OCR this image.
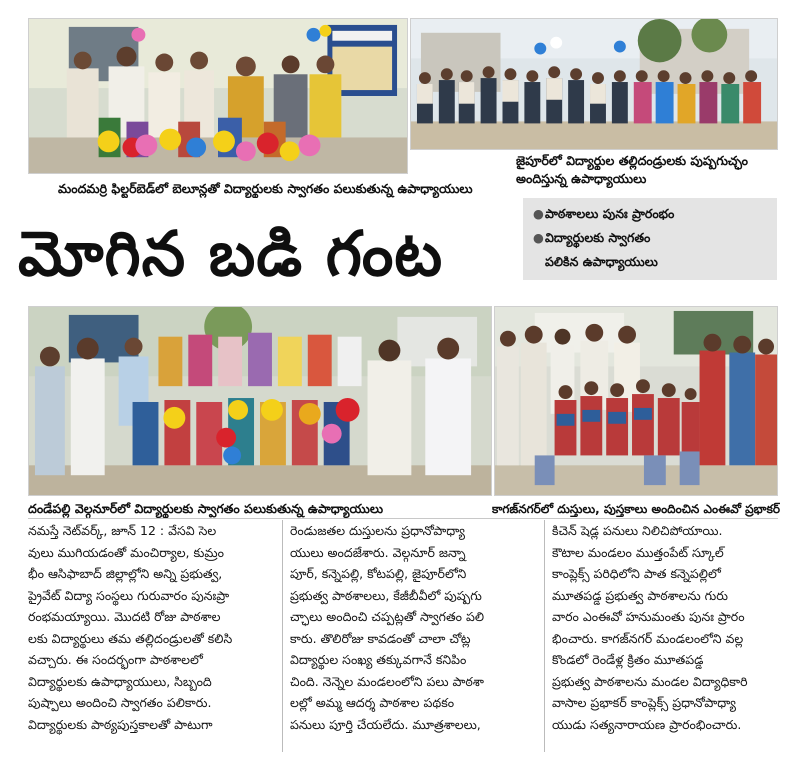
మందమర్రి ఫిల్టర్‌బెడ్‌లో బెలూన్లతో విద్యార్థులకు స్వాగతం పలుకుతున్న ఉపాధ్యాయులు
జైపూర్‌లో విద్యార్థుల తల్లిదండ్రులకు పుష్పగుచ్ఛం
అందిస్తున్న ఉపాధ్యాయులు
మోగిన బడి గంట
●పాఠశాలలు పునః ప్రారంభం
●విద్యార్థులకు స్వాగతం
పలికిన ఉపాధ్యాయులు
దండేపల్లి వెల్గనూర్‌లో విద్యార్థులకు స్వాగతం పలుకుతున్న ఉపాధ్యాయులు	కాగజ్‌నగర్‌లో దుస్తులు, పుస్తకాలు అందించిన ఎంఈవో ప్రభాకర్

నమస్తే నెట్‌వర్క్, జూన్ 12 : వేసవి సెల

వులు ముగియడంతో మంచిర్యాల, కుమ్రం

భీం ఆసిఫాబాద్ జిల్లాల్లోని అన్ని ప్రభుత్వ,

ప్రైవేట్ విద్యా సంస్థలు గురువారం పునఃప్రా

రంభమయ్యాయి. మొదటి రోజు పాఠశాల

లకు విద్యార్థులు తమ తల్లిదండ్రులతో కలిసి

వచ్చారు. ఈ సందర్భంగా పాఠశాలలో

విద్యార్థులకు ఉపాధ్యాయులు, సిబ్బంది

పుష్పాలు అందించి స్వాగతం పలికారు.

విద్యార్థులకు పాఠ్యపుస్తకాలతో పాటుగా

రెండుజతల దుస్తులను ప్రధానోపాధ్యా

యులు అందజేశారు. వెల్గనూర్ జన్నా

పూర్, కన్నెపల్లి, కోటపల్లి, జైపూర్‌లోని

ప్రభుత్వ పాఠశాలలు, కేజీబీవీలో పుష్పగు

చ్ఛాలు అందించి చప్పట్లతో స్వాగతం పలి

కారు. తొలిరోజు కావడంతో చాలా చోట్ల

విద్యార్థుల సంఖ్య తక్కువగానే కనిపిం

చింది. నెన్నెల మండలంలోని పలు పాఠశా

లల్లో అమ్మ ఆదర్శ పాఠశాల పథకం

పనులు పూర్తి చేయలేదు. మూత్రశాలలు,

కిచెన్ షెడ్ల పనులు నిలిచిపోయాయి.

కౌటాల మండలం ముత్తంపేట్ స్కూల్

కాంప్లెక్స్ పరిధిలోని పాత కన్నెపల్లిలో

మూతపడ్డ ప్రభుత్వ పాఠశాలను గురు

వారం ఎంఈవో హనుమంతు పునః ప్రారం

భించారు. కాగజ్‌నగర్ మండలంలోని వల్ల

కొండలో రెండేళ్ల క్రితం మూతపడ్డ

ప్రభుత్వ పాఠశాలను మండల విద్యాధికారి

వాసాల ప్రభాకర్ కాంప్లెక్స్ ప్రధానోపాధ్యా

యుడు సత్యనారాయణ ప్రారంభించారు.
